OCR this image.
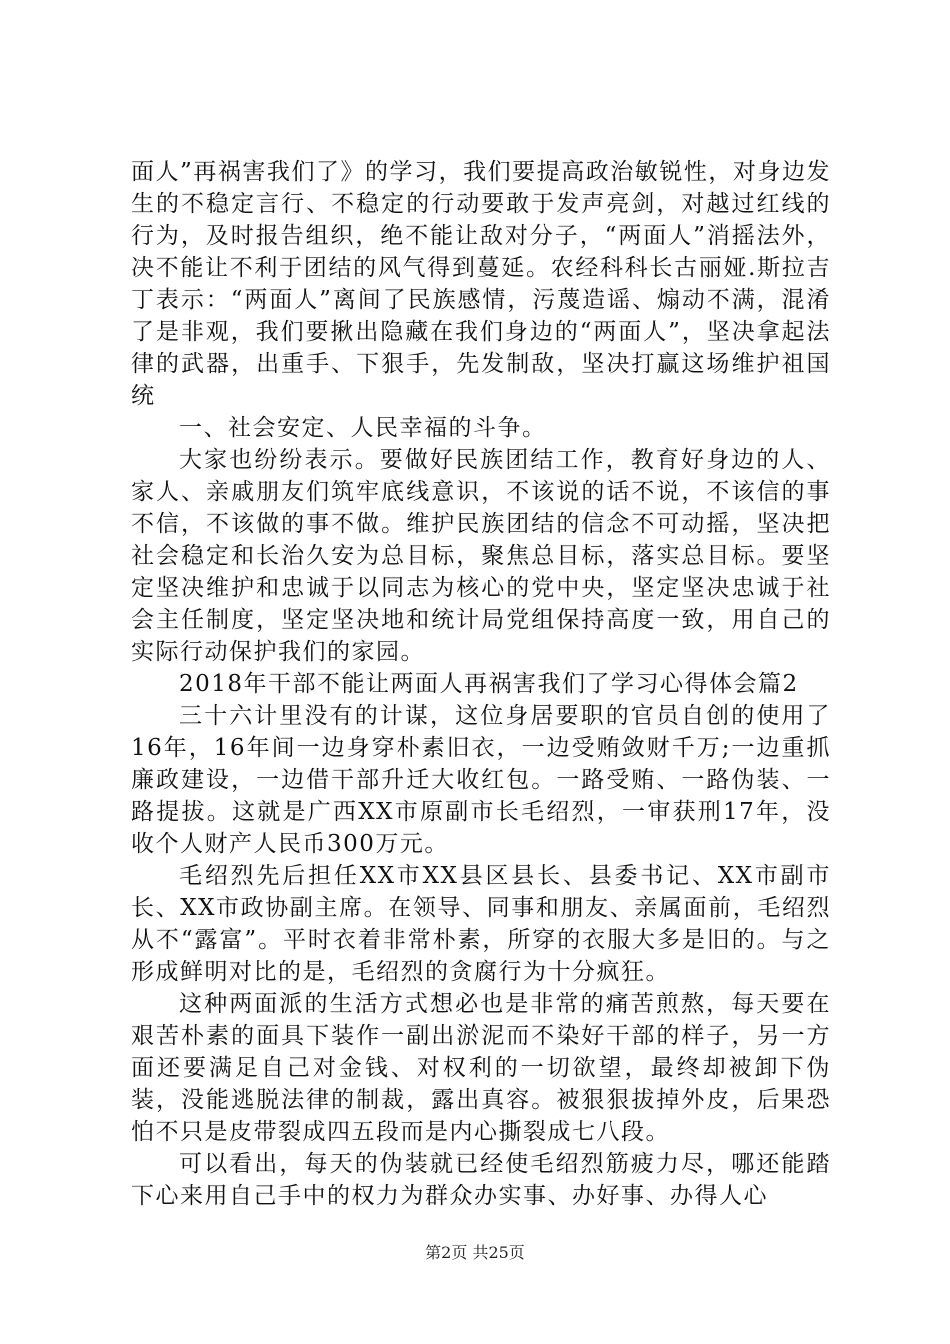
面人”再祸害我们了》的学习，我们要提高政治敏锐性，对身边发生的不稳定言行、不稳定的行动要敢于发声亮剑，对越过红线的行为，及时报告组织，绝不能让敌对分子，“两面人”消摇法外，决不能让不利于团结的风气得到蔓延。农经科科长古丽娅.斯拉吉丁表示：“两面人”离间了民族感情，污蔑造谣、煽动不满，混淆了是非观，我们要揪出隐藏在我们身边的“两面人”，坚决拿起法律的武器，出重手、下狠手，先发制敌，坚决打赢这场维护祖国统

一、社会安定、人民幸福的斗争。

大家也纷纷表示。要做好民族团结工作，教育好身边的人、家人、亲戚朋友们筑牢底线意识，不该说的话不说，不该信的事不信，不该做的事不做。维护民族团结的信念不可动摇，坚决把社会稳定和长治久安为总目标，聚焦总目标，落实总目标。要坚定坚决维护和忠诚于以同志为核心的党中央，坚定坚决忠诚于社会主任制度，坚定坚决地和统计局党组保持高度一致，用自己的实际行动保护我们的家园。

2018年干部不能让两面人再祸害我们了学习心得体会篇2

三十六计里没有的计谋，这位身居要职的官员自创的使用了16年，16年间一边身穿朴素旧衣，一边受贿敛财千万;一边重抓廉政建设，一边借干部升迁大收红包。一路受贿、一路伪装、一路提拔。这就是广西XX市原副市长毛绍烈，一审获刑17年，没收个人财产人民币300万元。

毛绍烈先后担任XX市XX县区县长、县委书记、XX市副市长、XX市政协副主席。在领导、同事和朋友、亲属面前，毛绍烈从不“露富”。平时衣着非常朴素，所穿的衣服大多是旧的。与之形成鲜明对比的是，毛绍烈的贪腐行为十分疯狂。

这种两面派的生活方式想必也是非常的痛苦煎熬，每天要在艰苦朴素的面具下装作一副出淤泥而不染好干部的样子，另一方面还要满足自己对金钱、对权利的一切欲望，最终却被卸下伪装，没能逃脱法律的制裁，露出真容。被狠狠拔掉外皮，后果恐怕不只是皮带裂成四五段而是内心撕裂成七八段。

可以看出，每天的伪装就已经使毛绍烈筋疲力尽，哪还能踏下心来用自己手中的权力为群众办实事、办好事、办得人心

第2页 共25页
